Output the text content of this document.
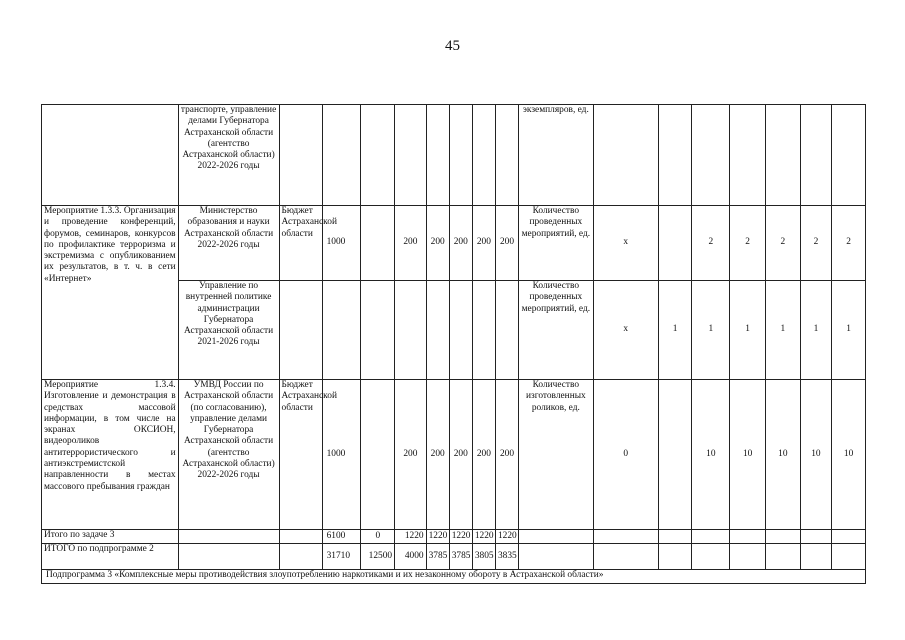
45
	транспорте, управление делами Губернатора Астраханской области (агентство Астраханской области) 2022-2026 годы									экземпляров, ед.							
Мероприятие 1.3.3. Организация и проведение конференций, форумов, семинаров, конкурсов по профилактике терроризма и экстремизма с опубликованием их результатов, в т. ч. в сети «Интернет»	Министерство образования и науки Астраханской области 2022-2026 годы	Бюджет Астраханской области	1000		200	200	200	200	200	Количество проведенных мероприятий, ед.	х		2	2	2	2	2
	Управление по внутренней политике администрации Губернатора Астраханской области 2021-2026 годы									Количество проведенных мероприятий, ед.	х	1	1	1	1	1	1
Мероприятие 1.3.4. Изготовление и демонстрация в средствах массовой информации, в том числе на экранах ОКСИОН, видеороликов антитеррористического и антиэкстремистской направленности в местах массового пребывания граждан	УМВД России по Астраханской области (по согласованию), управление делами Губернатора Астраханской области (агентство Астраханской области) 2022-2026 годы	Бюджет Астраханской области	1000		200	200	200	200	200	Количество изготовленных роликов, ед.	0		10	10	10	10	10
Итого по задаче 3			6100	0	1220	1220	1220	1220	1220								
ИТОГО по подпрограмме 2			31710	12500	4000	3785	3785	3805	3835								
Подпрограмма 3 «Комплексные меры противодействия злоупотреблению наркотиками и их незаконному обороту в Астраханской области»																	
